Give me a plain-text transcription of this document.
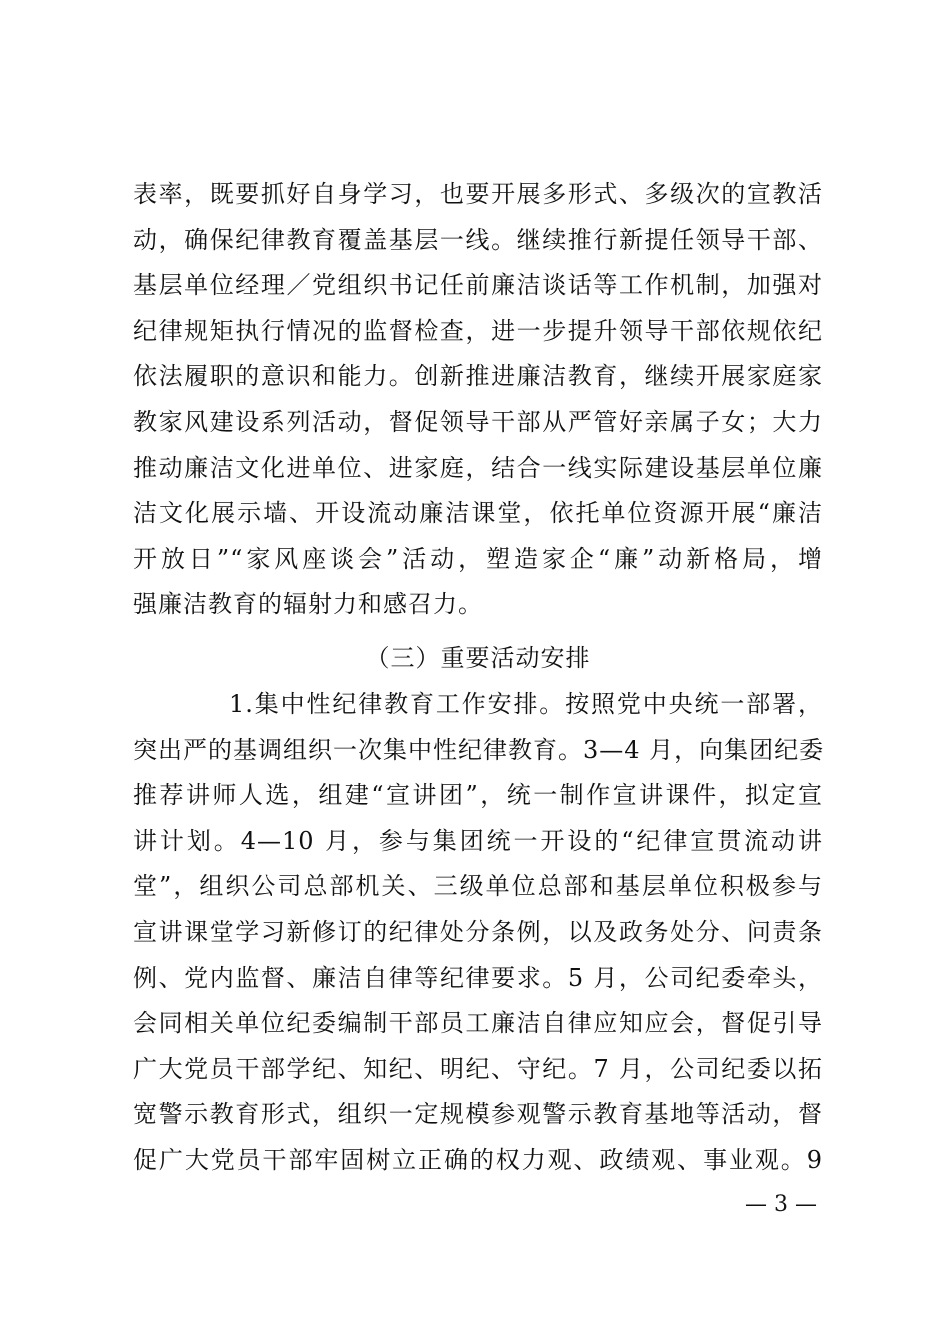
表率，既要抓好自身学习，也要开展多形式、多级次的宣教活
动，确保纪律教育覆盖基层一线。继续推行新提任领导干部、
基层单位经理／党组织书记任前廉洁谈话等工作机制，加强对
纪律规矩执行情况的监督检查，进一步提升领导干部依规依纪
依法履职的意识和能力。创新推进廉洁教育，继续开展家庭家
教家风建设系列活动，督促领导干部从严管好亲属子女；大力
推动廉洁文化进单位、进家庭，结合一线实际建设基层单位廉
洁文化展示墙、开设流动廉洁课堂，依托单位资源开展“廉洁
开放日”“家风座谈会”活动，塑造家企“廉”动新格局，增
强廉洁教育的辐射力和感召力。
（三）重要活动安排
1.集中性纪律教育工作安排。按照党中央统一部署，
突出严的基调组织一次集中性纪律教育。3—4 月，向集团纪委
推荐讲师人选，组建“宣讲团”，统一制作宣讲课件，拟定宣
讲计划。4—10 月，参与集团统一开设的“纪律宣贯流动讲
堂”，组织公司总部机关、三级单位总部和基层单位积极参与
宣讲课堂学习新修订的纪律处分条例，以及政务处分、问责条
例、党内监督、廉洁自律等纪律要求。5 月，公司纪委牵头，
会同相关单位纪委编制干部员工廉洁自律应知应会，督促引导
广大党员干部学纪、知纪、明纪、守纪。7 月，公司纪委以拓
宽警示教育形式，组织一定规模参观警示教育基地等活动，督
促广大党员干部牢固树立正确的权力观、政绩观、事业观。9
— 3 —
